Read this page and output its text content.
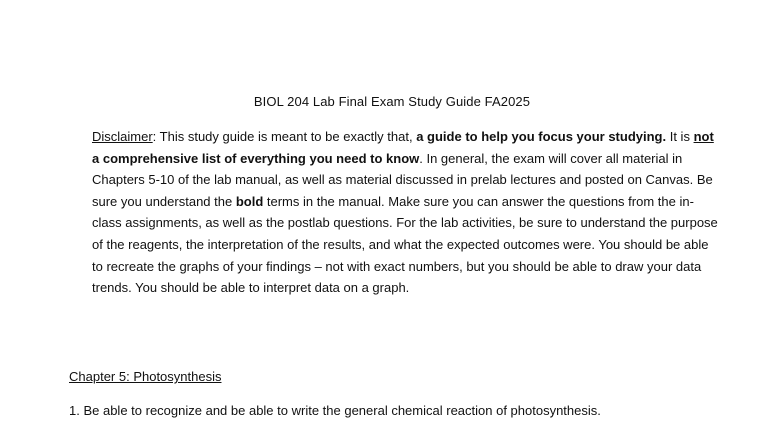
BIOL 204 Lab Final Exam Study Guide FA2025
Disclaimer: This study guide is meant to be exactly that, a guide to help you focus your studying. It is not a comprehensive list of everything you need to know. In general, the exam will cover all material in Chapters 5-10 of the lab manual, as well as material discussed in prelab lectures and posted on Canvas. Be sure you understand the bold terms in the manual. Make sure you can answer the questions from the in-class assignments, as well as the postlab questions. For the lab activities, be sure to understand the purpose of the reagents, the interpretation of the results, and what the expected outcomes were. You should be able to recreate the graphs of your findings – not with exact numbers, but you should be able to draw your data trends. You should be able to interpret data on a graph.
Chapter 5: Photosynthesis
1. Be able to recognize and be able to write the general chemical reaction of photosynthesis.
